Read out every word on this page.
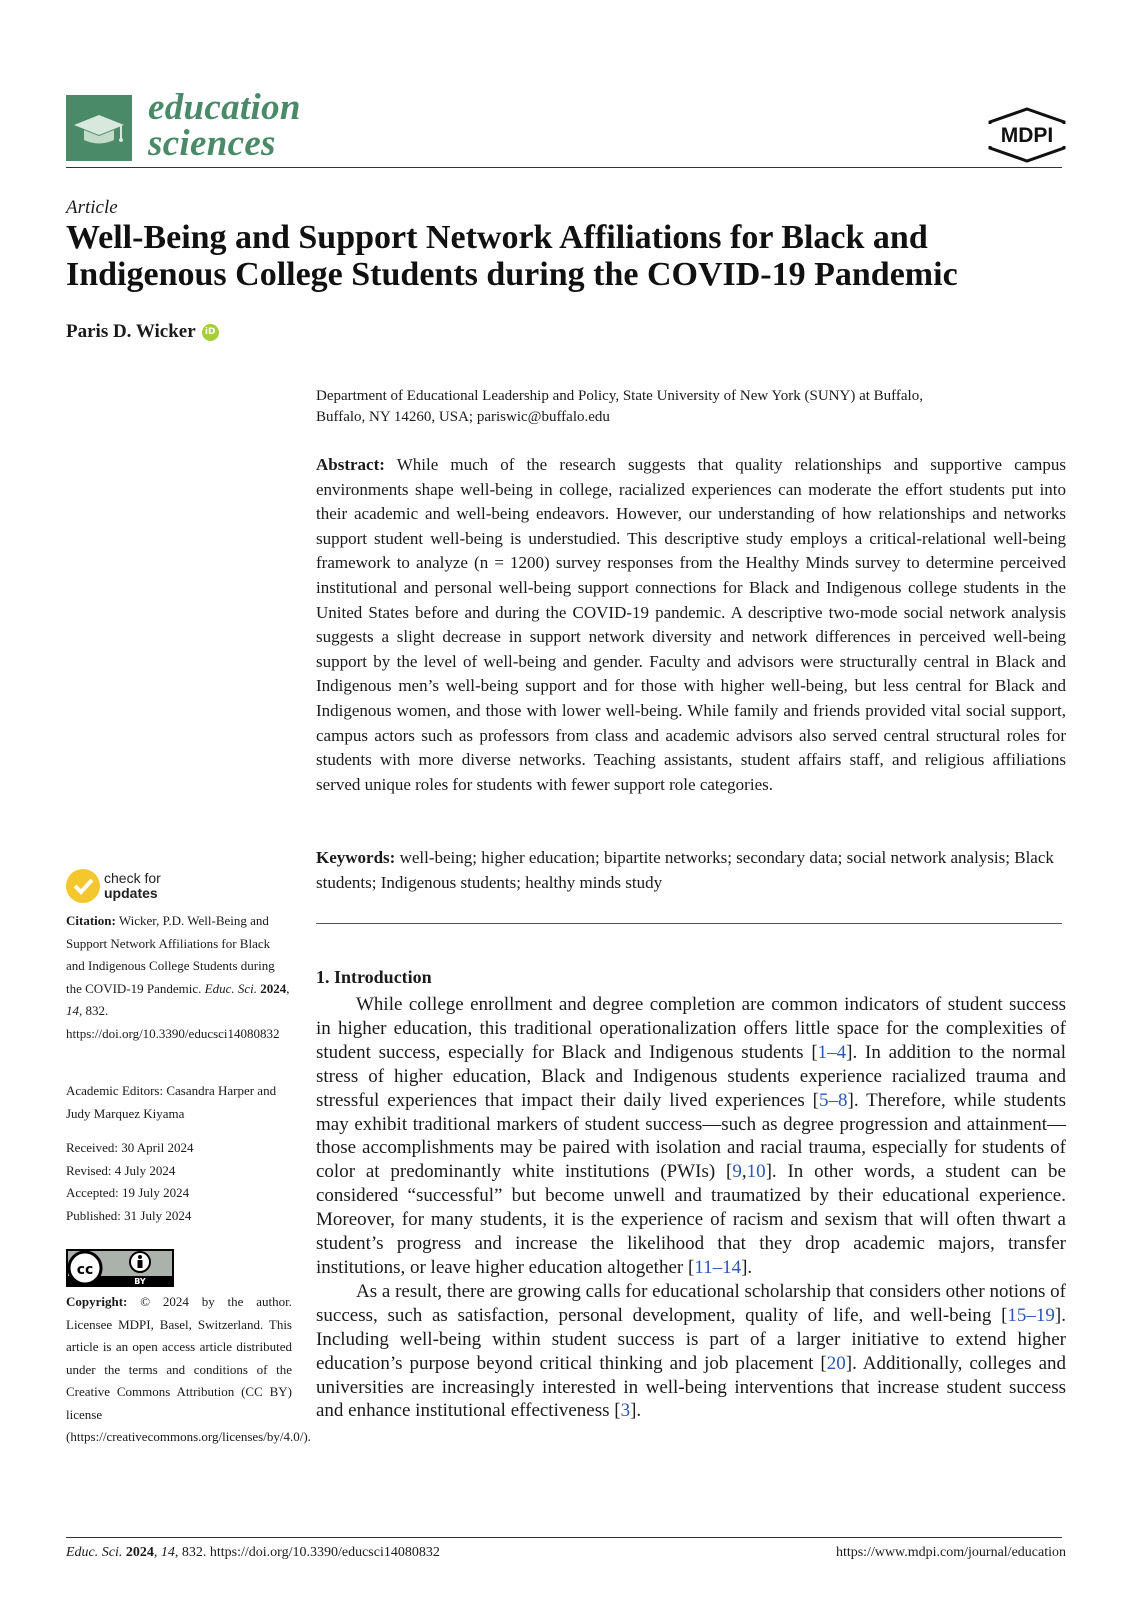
education
sciences	MDPI
Article
Well-Being and Support Network Affiliations for Black and Indigenous College Students during the COVID-19 Pandemic
Paris D. Wicker iD
Department of Educational Leadership and Policy, State University of New York (SUNY) at Buffalo,
Buffalo, NY 14260, USA; pariswic@buffalo.edu
Abstract: While much of the research suggests that quality relationships and supportive campus environments shape well-being in college, racialized experiences can moderate the effort students put into their academic and well-being endeavors. However, our understanding of how relationships and networks support student well-being is understudied. This descriptive study employs a critical-relational well-being framework to analyze (n = 1200) survey responses from the Healthy Minds survey to determine perceived institutional and personal well-being support connections for Black and Indigenous college students in the United States before and during the COVID-19 pandemic. A descriptive two-mode social network analysis suggests a slight decrease in support network diversity and network differences in perceived well-being support by the level of well-being and gender. Faculty and advisors were structurally central in Black and Indigenous men’s well-being support and for those with higher well-being, but less central for Black and Indigenous women, and those with lower well-being. While family and friends provided vital social support, campus actors such as professors from class and academic advisors also served central structural roles for students with more diverse networks. Teaching assistants, student affairs staff, and religious affiliations served unique roles for students with fewer support role categories.
Keywords: well-being; higher education; bipartite networks; secondary data; social network analysis; Black students; Indigenous students; healthy minds study
1. Introduction

While college enrollment and degree completion are common indicators of student success in higher education, this traditional operationalization offers little space for the complexities of student success, especially for Black and Indigenous students [1–4]. In addition to the normal stress of higher education, Black and Indigenous students experience racialized trauma and stressful experiences that impact their daily lived experiences [5–8]. Therefore, while students may exhibit traditional markers of student success—such as degree progression and attainment—those accomplishments may be paired with isolation and racial trauma, especially for students of color at predominantly white institutions (PWIs) [9,10]. In other words, a student can be considered “successful” but become unwell and traumatized by their educational experience. Moreover, for many students, it is the experience of racism and sexism that will often thwart a student’s progress and increase the likelihood that they drop academic majors, transfer institutions, or leave higher education altogether [11–14].

As a result, there are growing calls for educational scholarship that considers other notions of success, such as satisfaction, personal development, quality of life, and well-being [15–19]. Including well-being within student success is part of a larger initiative to extend higher education’s purpose beyond critical thinking and job placement [20]. Additionally, colleges and universities are increasingly interested in well-being interventions that increase student success and enhance institutional effectiveness [3].

check for
updates
Citation: Wicker, P.D. Well-Being and Support Network Affiliations for Black and Indigenous College Students during the COVID-19 Pandemic. Educ. Sci. 2024, 14, 832. https://doi.org/10.3390/educsci14080832
Academic Editors: Casandra Harper and Judy Marquez Kiyama
Received: 30 April 2024
Revised: 4 July 2024
Accepted: 19 July 2024
Published: 31 July 2024
cc
BY
Copyright: © 2024 by the author. Licensee MDPI, Basel, Switzerland. This article is an open access article distributed under the terms and conditions of the Creative Commons Attribution (CC BY) license (https://creativecommons.org/licenses/by/4.0/).
Educ. Sci. 2024, 14, 832. https://doi.org/10.3390/educsci14080832	https://www.mdpi.com/journal/education
